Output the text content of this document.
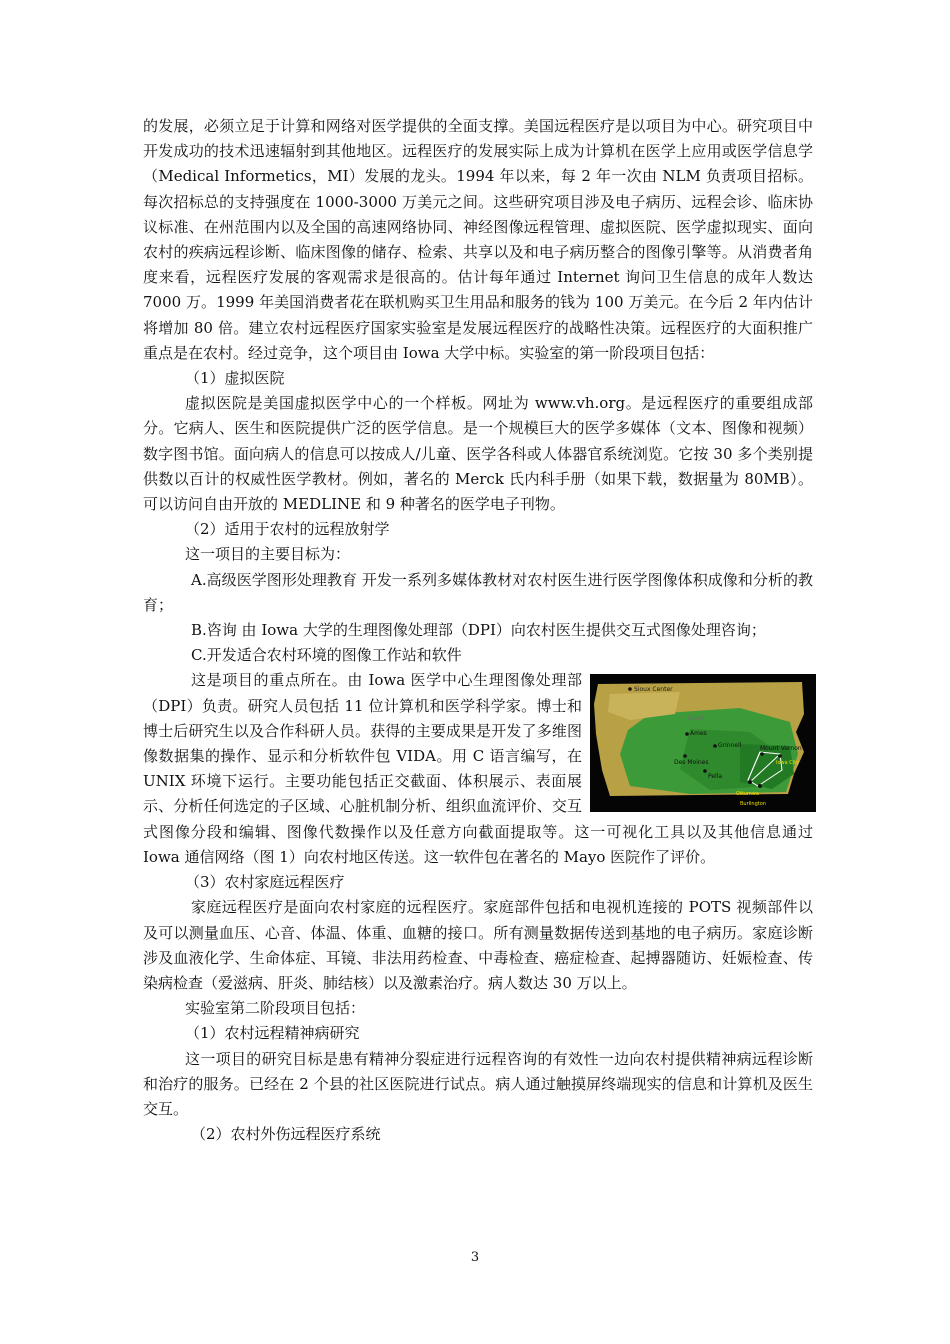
的发展，必须立足于计算和网络对医学提供的全面支撑。美国远程医疗是以项目为中心。研究项目中开发成功的技术迅速辐射到其他地区。远程医疗的发展实际上成为计算机在医学上应用或医学信息学（Medical Informetics，MI）发展的龙头。1994 年以来，每 2 年一次由 NLM 负责项目招标。每次招标总的支持强度在 1000-3000 万美元之间。这些研究项目涉及电子病历、远程会诊、临床协议标准、在州范围内以及全国的高速网络协同、神经图像远程管理、虚拟医院、医学虚拟现实、面向农村的疾病远程诊断、临床图像的储存、检索、共享以及和电子病历整合的图像引擎等。从消费者角度来看，远程医疗发展的客观需求是很高的。估计每年通过 Internet 询问卫生信息的成年人数达 7000 万。1999 年美国消费者花在联机购买卫生用品和服务的钱为 100 万美元。在今后 2 年内估计将增加 80 倍。建立农村远程医疗国家实验室是发展远程医疗的战略性决策。远程医疗的大面积推广重点是在农村。经过竞争，这个项目由 Iowa 大学中标。实验室的第一阶段项目包括：

（1）虚拟医院

虚拟医院是美国虚拟医学中心的一个样板。网址为 www.vh.org。是远程医疗的重要组成部分。它病人、医生和医院提供广泛的医学信息。是一个规模巨大的医学多媒体（文本、图像和视频）数字图书馆。面向病人的信息可以按成人/儿童、医学各科或人体器官系统浏览。它按 30 多个类别提供数以百计的权威性医学教材。例如，著名的 Merck 氏内科手册（如果下载，数据量为 80MB）。可以访问自由开放的 MEDLINE 和 9 种著名的医学电子刊物。

（2）适用于农村的远程放射学

这一项目的主要目标为：

A.高级医学图形处理教育 开发一系列多媒体教材对农村医生进行医学图像体积成像和分析的教育；

B.咨询 由 Iowa 大学的生理图像处理部（DPI）向农村医生提供交互式图像处理咨询；

C.开发适合农村环境的图像工作站和软件

Sioux Center
IOWA
Ames
Grinnell
Des Moines
Pella
Mount Vernon
Iowa City
Ottumwa
Burlington

这是项目的重点所在。由 Iowa 医学中心生理图像处理部（DPI）负责。研究人员包括 11 位计算机和医学科学家。博士和博士后研究生以及合作科研人员。获得的主要成果是开发了多维图像数据集的操作、显示和分析软件包 VIDA。用 C 语言编写，在 UNIX 环境下运行。主要功能包括正交截面、体积展示、表面展示、分析任何选定的子区域、心脏机制分析、组织血流评价、交互式图像分段和编辑、图像代数操作以及任意方向截面提取等。这一可视化工具以及其他信息通过 Iowa 通信网络（图 1）向农村地区传送。这一软件包在著名的 Mayo 医院作了评价。

（3）农村家庭远程医疗

家庭远程医疗是面向农村家庭的远程医疗。家庭部件包括和电视机连接的 POTS 视频部件以及可以测量血压、心音、体温、体重、血糖的接口。所有测量数据传送到基地的电子病历。家庭诊断涉及血液化学、生命体症、耳镜、非法用药检查、中毒检查、癌症检查、起搏器随访、妊娠检查、传染病检查（爱滋病、肝炎、肺结核）以及激素治疗。病人数达 30 万以上。

实验室第二阶段项目包括：

（1）农村远程精神病研究

这一项目的研究目标是患有精神分裂症进行远程咨询的有效性一边向农村提供精神病远程诊断和治疗的服务。已经在 2 个县的社区医院进行试点。病人通过触摸屏终端现实的信息和计算机及医生交互。

（2）农村外伤远程医疗系统

3
